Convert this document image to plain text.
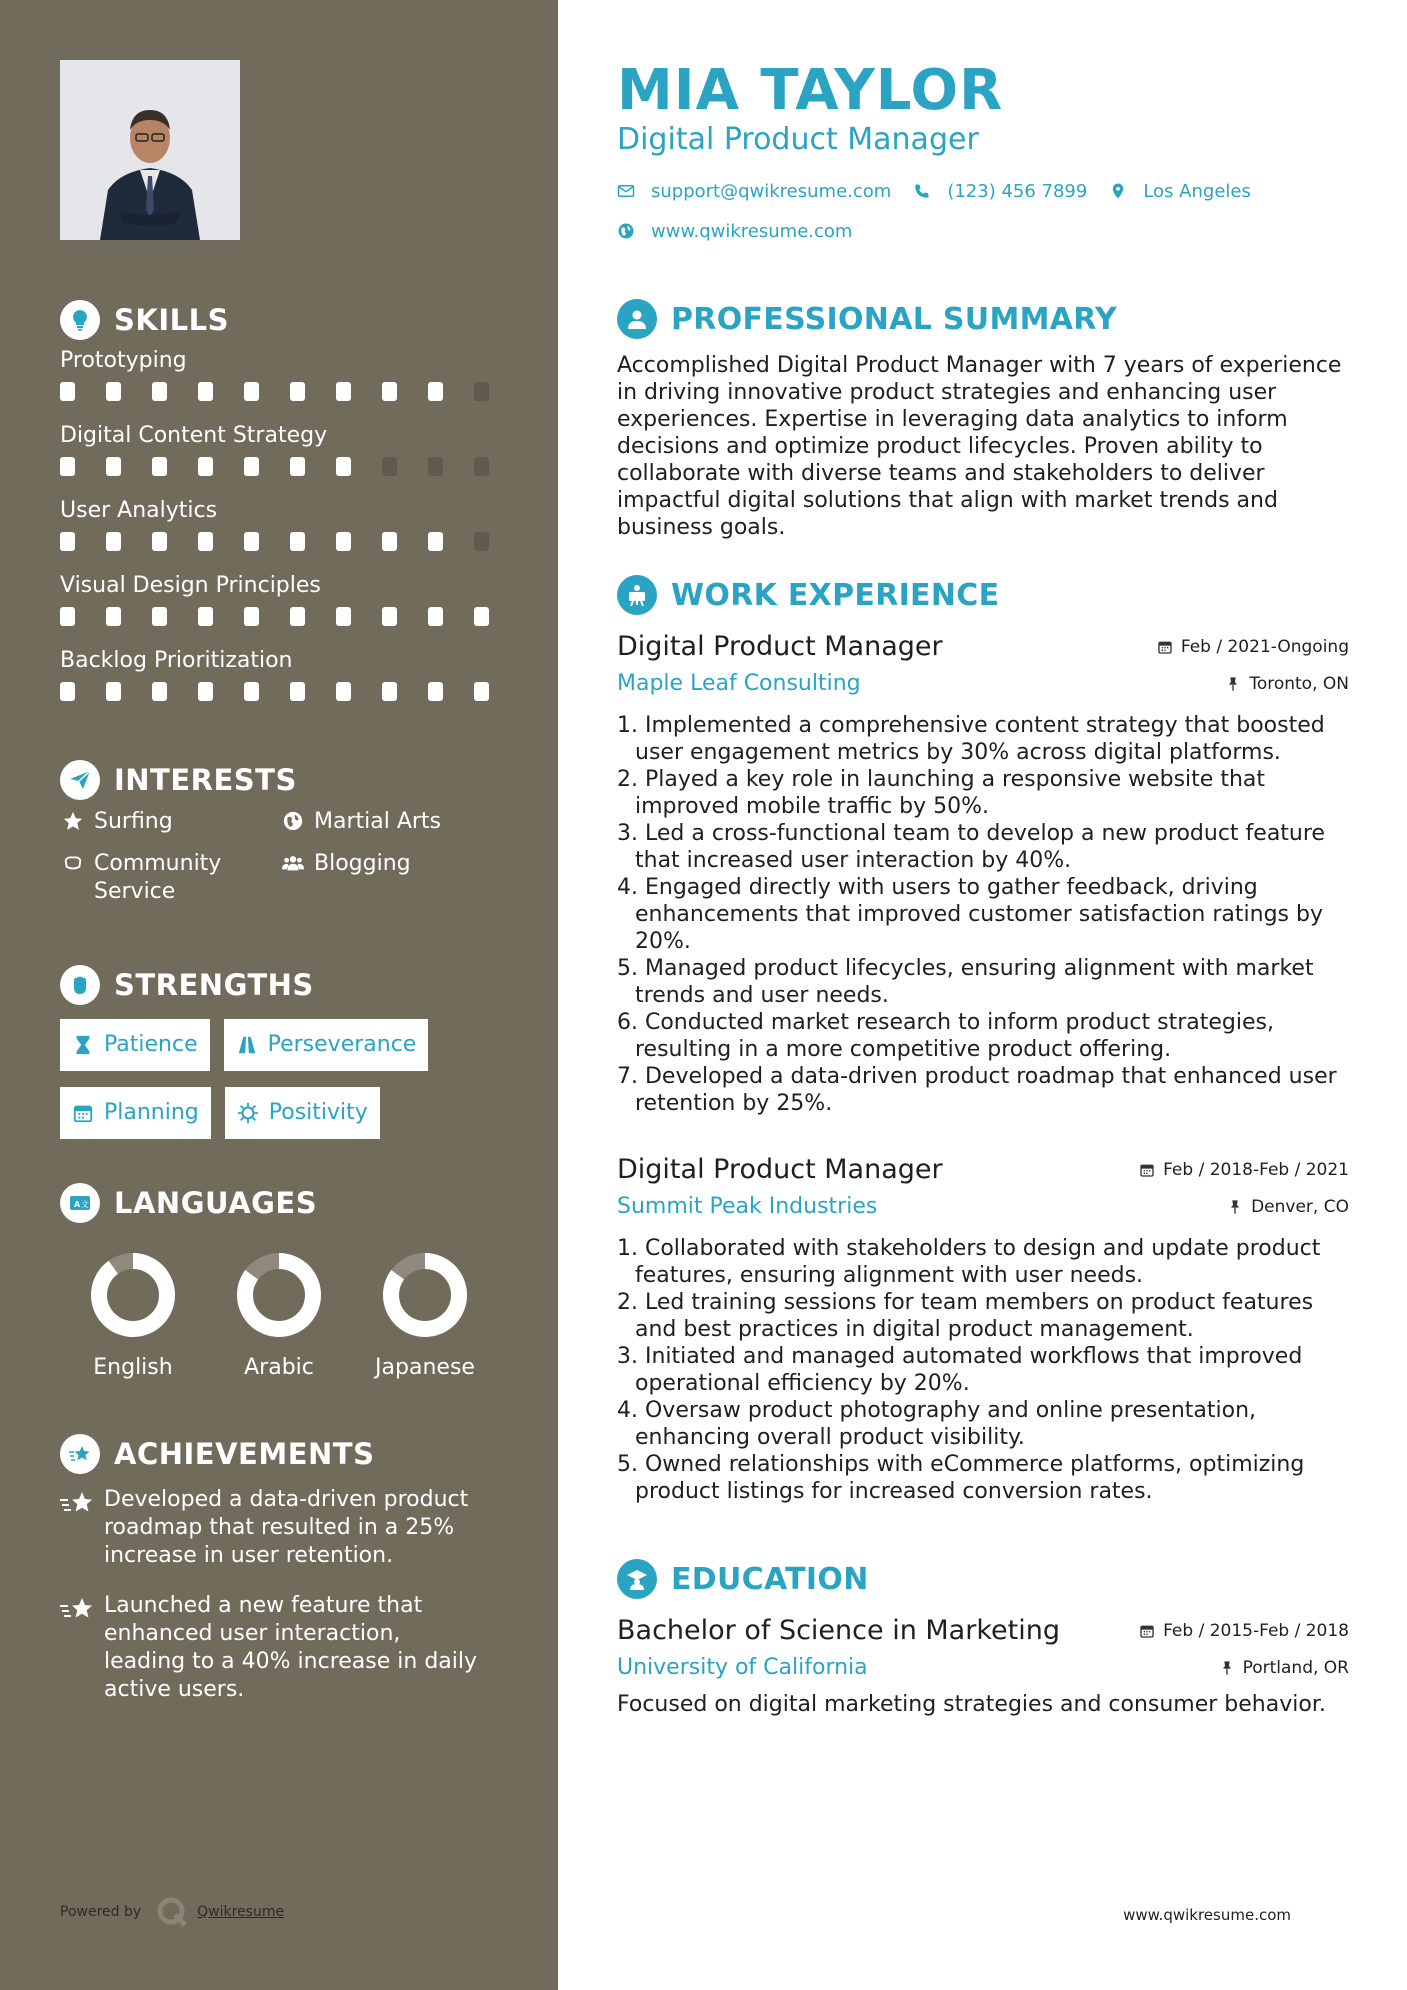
SKILLS
Prototyping
Digital Content Strategy
User Analytics
Visual Design Principles
Backlog Prioritization
INTERESTS
Surfing	Martial Arts
Community Service
Blogging
STRENGTHS
Patience	Perseverance
Planning	Positivity
A 文 LANGUAGES
English	Arabic	Japanese
ACHIEVEMENTS
Developed a data-driven product roadmap that resulted in a 25% increase in user retention.
Launched a new feature that enhanced user interaction, leading to a 40% increase in daily active users.
Powered by	Qwikresume
MIA TAYLOR
Digital Product Manager
support@qwikresume.com	(123) 456 7899	Los Angeles
www.qwikresume.com
PROFESSIONAL SUMMARY

Accomplished Digital Product Manager with 7 years of experience in driving innovative product strategies and enhancing user experiences. Expertise in leveraging data analytics to inform decisions and optimize product lifecycles. Proven ability to collaborate with diverse teams and stakeholders to deliver impactful digital solutions that align with market trends and business goals.

WORK EXPERIENCE
Digital Product Manager	Feb / 2021-Ongoing
Maple Leaf Consulting	Toronto, ON
1. Implemented a comprehensive content strategy that boosted user engagement metrics by 30% across digital platforms.
2. Played a key role in launching a responsive website that improved mobile traffic by 50%.
3. Led a cross-functional team to develop a new product feature that increased user interaction by 40%.
4. Engaged directly with users to gather feedback, driving enhancements that improved customer satisfaction ratings by 20%.
5. Managed product lifecycles, ensuring alignment with market trends and user needs.
6. Conducted market research to inform product strategies, resulting in a more competitive product offering.
7. Developed a data-driven product roadmap that enhanced user retention by 25%.
Digital Product Manager	Feb / 2018-Feb / 2021
Summit Peak Industries	Denver, CO
1. Collaborated with stakeholders to design and update product features, ensuring alignment with user needs.
2. Led training sessions for team members on product features and best practices in digital product management.
3. Initiated and managed automated workflows that improved operational efficiency by 20%.
4. Oversaw product photography and online presentation, enhancing overall product visibility.
5. Owned relationships with eCommerce platforms, optimizing product listings for increased conversion rates.
EDUCATION
Bachelor of Science in Marketing	Feb / 2015-Feb / 2018
University of California	Portland, OR

Focused on digital marketing strategies and consumer behavior.

www.qwikresume.com
